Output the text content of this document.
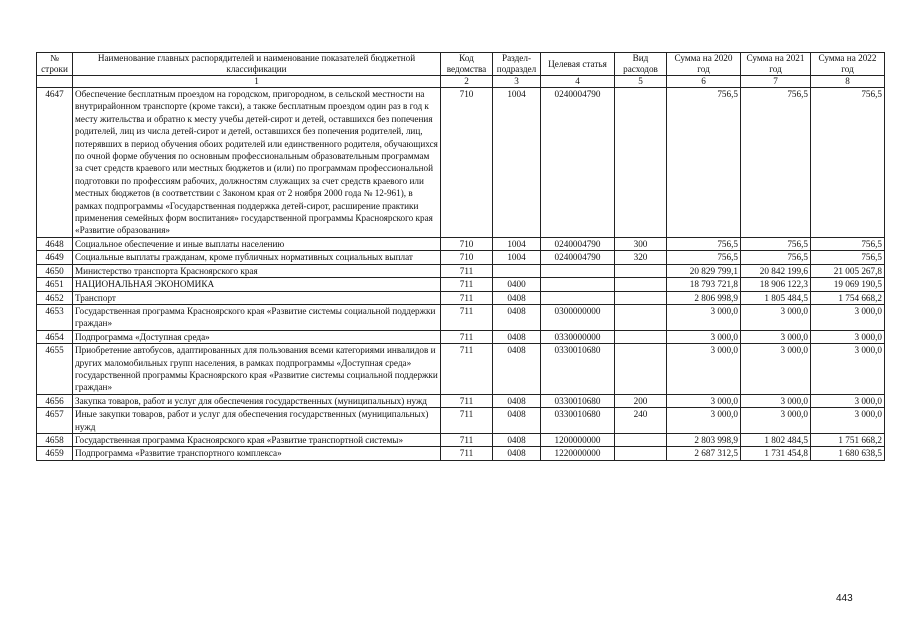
№ строки	Наименование главных распорядителей и наименование показателей бюджетной классификации	Код ведомства	Раздел-подраздел	Целевая статья	Вид расходов	Сумма на 2020 год	Сумма на 2021 год	Сумма на 2022 год
	1	2	3	4	5	6	7	8
4647	Обеспечение бесплатным проездом на городском, пригородном, в сельской местности на внутрирайонном транспорте (кроме такси), а также бесплатным проездом один раз в год к месту жительства и обратно к месту учебы детей-сирот и детей, оставшихся без попечения родителей, лиц из числа детей-сирот и детей, оставшихся без попечения родителей, лиц, потерявших в период обучения обоих родителей или единственного родителя, обучающихся по очной форме обучения по основным профессиональным образовательным программам за счет средств краевого или местных бюджетов и (или) по программам профессиональной подготовки по профессиям рабочих, должностям служащих за счет средств краевого или местных бюджетов (в соответствии с Законом края от 2 ноября 2000 года № 12-961), в рамках подпрограммы «Государственная поддержка детей-сирот, расширение практики применения семейных форм воспитания» государственной программы Красноярского края «Развитие образования»	710	1004	0240004790		756,5	756,5	756,5
4648	Социальное обеспечение и иные выплаты населению	710	1004	0240004790	300	756,5	756,5	756,5
4649	Социальные выплаты гражданам, кроме публичных нормативных социальных выплат	710	1004	0240004790	320	756,5	756,5	756,5
4650	Министерство транспорта Красноярского края	711				20 829 799,1	20 842 199,6	21 005 267,8
4651	НАЦИОНАЛЬНАЯ ЭКОНОМИКА	711	0400			18 793 721,8	18 906 122,3	19 069 190,5
4652	Транспорт	711	0408			2 806 998,9	1 805 484,5	1 754 668,2
4653	Государственная программа Красноярского края «Развитие системы социальной поддержки граждан»	711	0408	0300000000		3 000,0	3 000,0	3 000,0
4654	Подпрограмма «Доступная среда»	711	0408	0330000000		3 000,0	3 000,0	3 000,0
4655	Приобретение автобусов, адаптированных для пользования всеми категориями инвалидов и других маломобильных групп населения, в рамках подпрограммы «Доступная среда» государственной программы Красноярского края «Развитие системы социальной поддержки граждан»	711	0408	0330010680		3 000,0	3 000,0	3 000,0
4656	Закупка товаров, работ и услуг для обеспечения государственных (муниципальных) нужд	711	0408	0330010680	200	3 000,0	3 000,0	3 000,0
4657	Иные закупки товаров, работ и услуг для обеспечения государственных (муниципальных) нужд	711	0408	0330010680	240	3 000,0	3 000,0	3 000,0
4658	Государственная программа Красноярского края «Развитие транспортной системы»	711	0408	1200000000		2 803 998,9	1 802 484,5	1 751 668,2
4659	Подпрограмма «Развитие транспортного комплекса»	711	0408	1220000000		2 687 312,5	1 731 454,8	1 680 638,5
443
